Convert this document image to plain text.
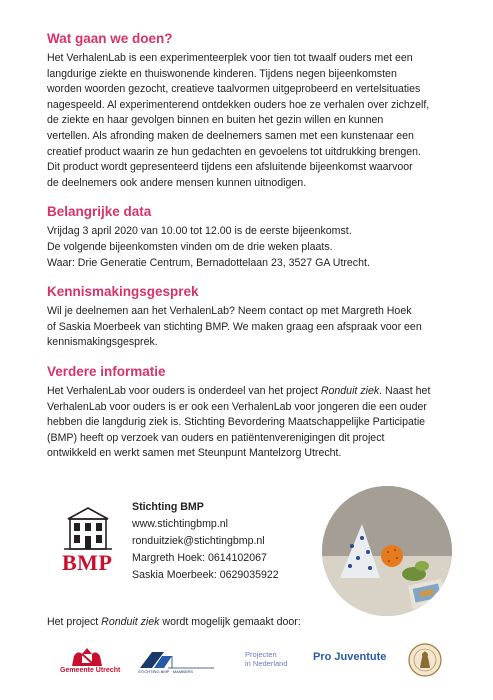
Wat gaan we doen?

Het VerhalenLab is een experimenteerplek voor tien tot twaalf ouders met een
langdurige ziekte en thuiswonende kinderen. Tijdens negen bijeenkomsten
worden woorden gezocht, creatieve taalvormen uitgeprobeerd en vertelsituaties
nagespeeld. Al experimenterend ontdekken ouders hoe ze verhalen over zichzelf,
de ziekte en haar gevolgen binnen en buiten het gezin willen en kunnen
vertellen. Als afronding maken de deelnemers samen met een kunstenaar een
creatief product waarin ze hun gedachten en gevoelens tot uitdrukking brengen.
Dit product wordt gepresenteerd tijdens een afsluitende bijeenkomst waarvoor
de deelnemers ook andere mensen kunnen uitnodigen.

Belangrijke data

Vrijdag 3 april 2020 van 10.00 tot 12.00 is de eerste bijeenkomst.
De volgende bijeenkomsten vinden om de drie weken plaats.
Waar: Drie Generatie Centrum, Bernadottelaan 23, 3527 GA Utrecht.

Kennismakingsgesprek

Wil je deelnemen aan het VerhalenLab? Neem contact op met Margreth Hoek
of Saskia Moerbeek van stichting BMP. We maken graag een afspraak voor een
kennismakingsgesprek.

Verdere informatie

Het VerhalenLab voor ouders is onderdeel van het project Ronduit ziek. Naast het
VerhalenLab voor ouders is er ook een VerhalenLab voor jongeren die een ouder
hebben die langdurig ziek is. Stichting Bevordering Maatschappelijke Participatie
(BMP) heeft op verzoek van ouders en patiëntenverenigingen dit project
ontwikkeld en werkt samen met Steunpunt Mantelzorg Utrecht.

BMP
Stichting BMP
www.stichtingbmp.nl
ronduitziek@stichtingbmp.nl
Margreth Hoek: 0614102067
Saskia Moerbeek: 0629035922
Het project Ronduit ziek wordt mogelijk gemaakt door:
Gemeente Utrecht	STICHTING BMP · MAMBERS
Projecten
in Nederland
Pro Juventute
